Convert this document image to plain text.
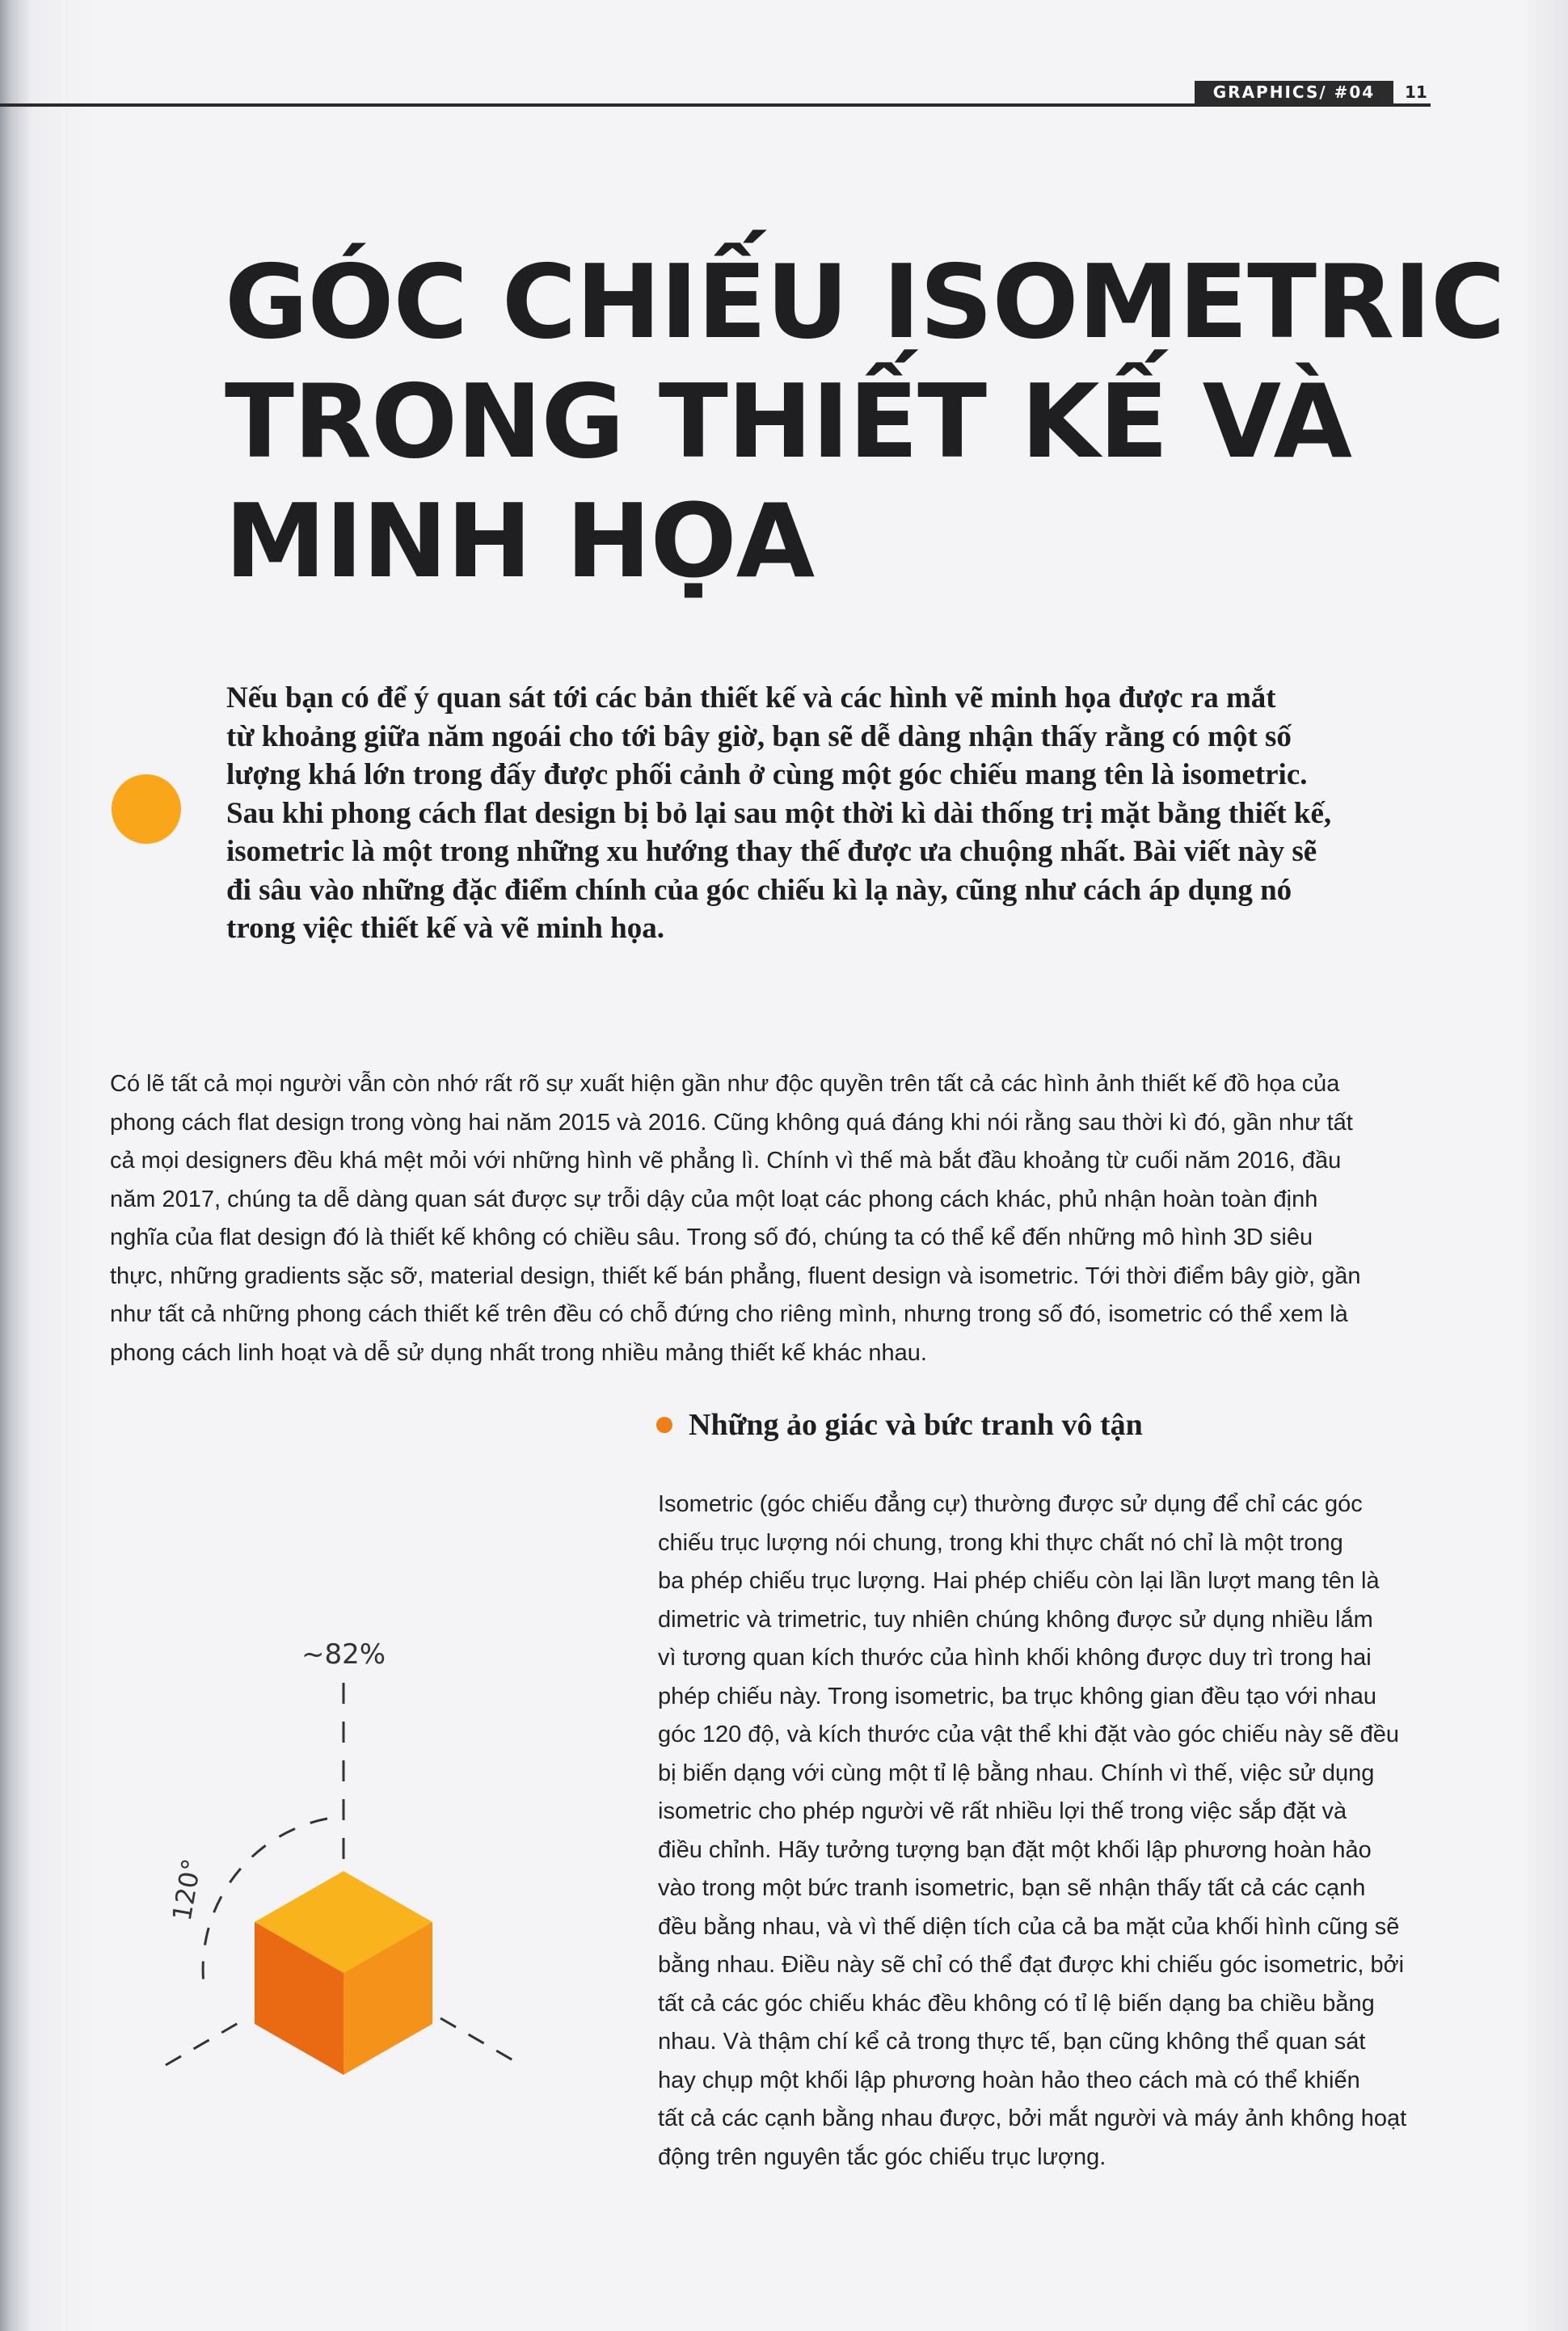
GRAPHICS/ #04	11
GÓC CHIẾU ISOMETRIC
TRONG THIẾT KẾ VÀ
MINH HỌA
Nếu bạn có để ý quan sát tới các bản thiết kế và các hình vẽ minh họa được ra mắt
từ khoảng giữa năm ngoái cho tới bây giờ, bạn sẽ dễ dàng nhận thấy rằng có một số
lượng khá lớn trong đấy được phối cảnh ở cùng một góc chiếu mang tên là isometric.
Sau khi phong cách flat design bị bỏ lại sau một thời kì dài thống trị mặt bằng thiết kế,
isometric là một trong những xu hướng thay thế được ưa chuộng nhất. Bài viết này sẽ
đi sâu vào những đặc điểm chính của góc chiếu kì lạ này, cũng như cách áp dụng nó
trong việc thiết kế và vẽ minh họa.
Có lẽ tất cả mọi người vẫn còn nhớ rất rõ sự xuất hiện gần như độc quyền trên tất cả các hình ảnh thiết kế đồ họa của
phong cách flat design trong vòng hai năm 2015 và 2016. Cũng không quá đáng khi nói rằng sau thời kì đó, gần như tất
cả mọi designers đều khá mệt mỏi với những hình vẽ phẳng lì. Chính vì thế mà bắt đầu khoảng từ cuối năm 2016, đầu
năm 2017, chúng ta dễ dàng quan sát được sự trỗi dậy của một loạt các phong cách khác, phủ nhận hoàn toàn định
nghĩa của flat design đó là thiết kế không có chiều sâu. Trong số đó, chúng ta có thể kể đến những mô hình 3D siêu
thực, những gradients sặc sỡ, material design, thiết kế bán phẳng, fluent design và isometric. Tới thời điểm bây giờ, gần
như tất cả những phong cách thiết kế trên đều có chỗ đứng cho riêng mình, nhưng trong số đó, isometric có thể xem là
phong cách linh hoạt và dễ sử dụng nhất trong nhiều mảng thiết kế khác nhau.
Những ảo giác và bức tranh vô tận
Isometric (góc chiếu đẳng cự) thường được sử dụng để chỉ các góc
chiếu trục lượng nói chung, trong khi thực chất nó chỉ là một trong
ba phép chiếu trục lượng. Hai phép chiếu còn lại lần lượt mang tên là
dimetric và trimetric, tuy nhiên chúng không được sử dụng nhiều lắm
vì tương quan kích thước của hình khối không được duy trì trong hai
phép chiếu này. Trong isometric, ba trục không gian đều tạo với nhau
góc 120 độ, và kích thước của vật thể khi đặt vào góc chiếu này sẽ đều
bị biến dạng với cùng một tỉ lệ bằng nhau. Chính vì thế, việc sử dụng
isometric cho phép người vẽ rất nhiều lợi thế trong việc sắp đặt và
điều chỉnh. Hãy tưởng tượng bạn đặt một khối lập phương hoàn hảo
vào trong một bức tranh isometric, bạn sẽ nhận thấy tất cả các cạnh
đều bằng nhau, và vì thế diện tích của cả ba mặt của khối hình cũng sẽ
bằng nhau. Điều này sẽ chỉ có thể đạt được khi chiếu góc isometric, bởi
tất cả các góc chiếu khác đều không có tỉ lệ biến dạng ba chiều bằng
nhau. Và thậm chí kể cả trong thực tế, bạn cũng không thể quan sát
hay chụp một khối lập phương hoàn hảo theo cách mà có thể khiến
tất cả các cạnh bằng nhau được, bởi mắt người và máy ảnh không hoạt
động trên nguyên tắc góc chiếu trục lượng.
~82%
120°
